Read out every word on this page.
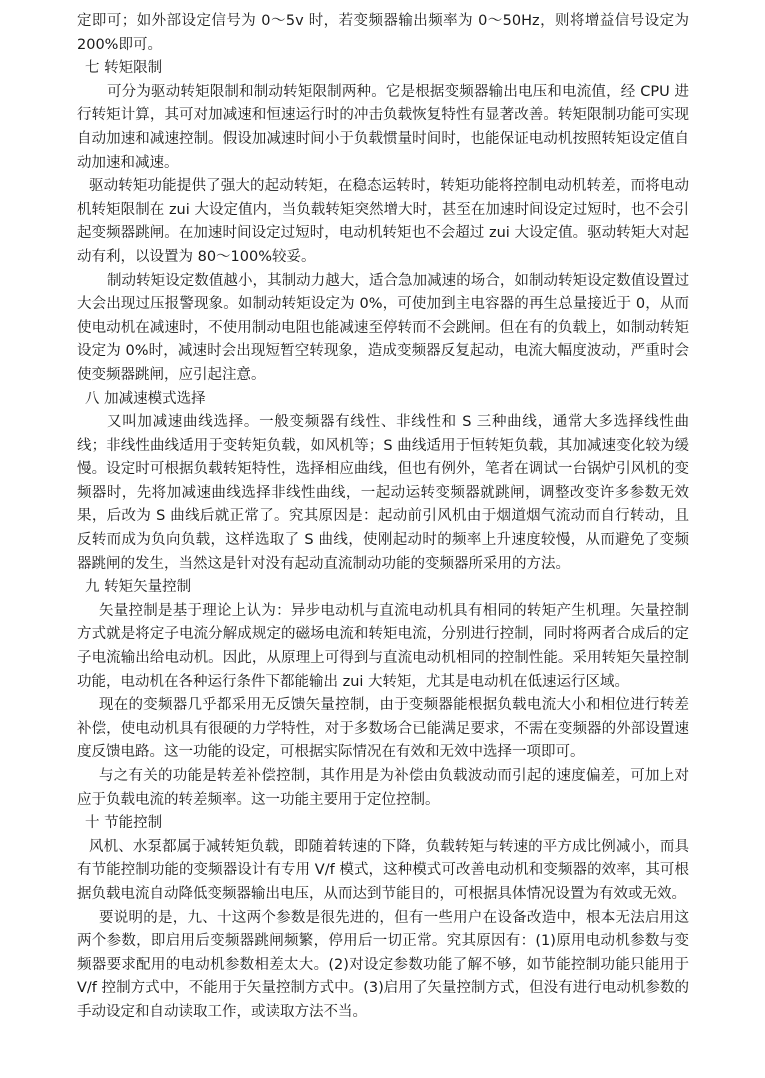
定即可；如外部设定信号为 0～5v 时，若变频器输出频率为 0～50Hz，则将增益信号设定为 200%即可。

七 转矩限制

可分为驱动转矩限制和制动转矩限制两种。它是根据变频器输出电压和电流值，经 CPU 进行转矩计算，其可对加减速和恒速运行时的冲击负载恢复特性有显著改善。转矩限制功能可实现自动加速和减速控制。假设加减速时间小于负载惯量时间时，也能保证电动机按照转矩设定值自动加速和减速。

驱动转矩功能提供了强大的起动转矩，在稳态运转时，转矩功能将控制电动机转差，而将电动机转矩限制在 zui 大设定值内，当负载转矩突然增大时，甚至在加速时间设定过短时，也不会引起变频器跳闸。在加速时间设定过短时，电动机转矩也不会超过 zui 大设定值。驱动转矩大对起动有利，以设置为 80～100%较妥。

制动转矩设定数值越小，其制动力越大，适合急加减速的场合，如制动转矩设定数值设置过大会出现过压报警现象。如制动转矩设定为 0%，可使加到主电容器的再生总量接近于 0，从而使电动机在减速时，不使用制动电阻也能减速至停转而不会跳闸。但在有的负载上，如制动转矩设定为 0%时，减速时会出现短暂空转现象，造成变频器反复起动，电流大幅度波动，严重时会使变频器跳闸，应引起注意。

八 加减速模式选择

又叫加减速曲线选择。一般变频器有线性、非线性和 S 三种曲线，通常大多选择线性曲线；非线性曲线适用于变转矩负载，如风机等；S 曲线适用于恒转矩负载，其加减速变化较为缓慢。设定时可根据负载转矩特性，选择相应曲线，但也有例外，笔者在调试一台锅炉引风机的变频器时，先将加减速曲线选择非线性曲线，一起动运转变频器就跳闸，调整改变许多参数无效果，后改为 S 曲线后就正常了。究其原因是：起动前引风机由于烟道烟气流动而自行转动，且反转而成为负向负载，这样选取了 S 曲线，使刚起动时的频率上升速度较慢，从而避免了变频器跳闸的发生，当然这是针对没有起动直流制动功能的变频器所采用的方法。

九 转矩矢量控制

矢量控制是基于理论上认为：异步电动机与直流电动机具有相同的转矩产生机理。矢量控制方式就是将定子电流分解成规定的磁场电流和转矩电流，分别进行控制，同时将两者合成后的定子电流输出给电动机。因此，从原理上可得到与直流电动机相同的控制性能。采用转矩矢量控制功能，电动机在各种运行条件下都能输出 zui 大转矩，尤其是电动机在低速运行区域。

现在的变频器几乎都采用无反馈矢量控制，由于变频器能根据负载电流大小和相位进行转差补偿，使电动机具有很硬的力学特性，对于多数场合已能满足要求，不需在变频器的外部设置速度反馈电路。这一功能的设定，可根据实际情况在有效和无效中选择一项即可。

与之有关的功能是转差补偿控制，其作用是为补偿由负载波动而引起的速度偏差，可加上对应于负载电流的转差频率。这一功能主要用于定位控制。

十 节能控制

风机、水泵都属于减转矩负载，即随着转速的下降，负载转矩与转速的平方成比例减小，而具有节能控制功能的变频器设计有专用 V/f 模式，这种模式可改善电动机和变频器的效率，其可根据负载电流自动降低变频器输出电压，从而达到节能目的，可根据具体情况设置为有效或无效。

要说明的是，九、十这两个参数是很先进的，但有一些用户在设备改造中，根本无法启用这两个参数，即启用后变频器跳闸频繁，停用后一切正常。究其原因有：(1)原用电动机参数与变频器要求配用的电动机参数相差太大。(2)对设定参数功能了解不够，如节能控制功能只能用于 V/f 控制方式中，不能用于矢量控制方式中。(3)启用了矢量控制方式，但没有进行电动机参数的手动设定和自动读取工作，或读取方法不当。
